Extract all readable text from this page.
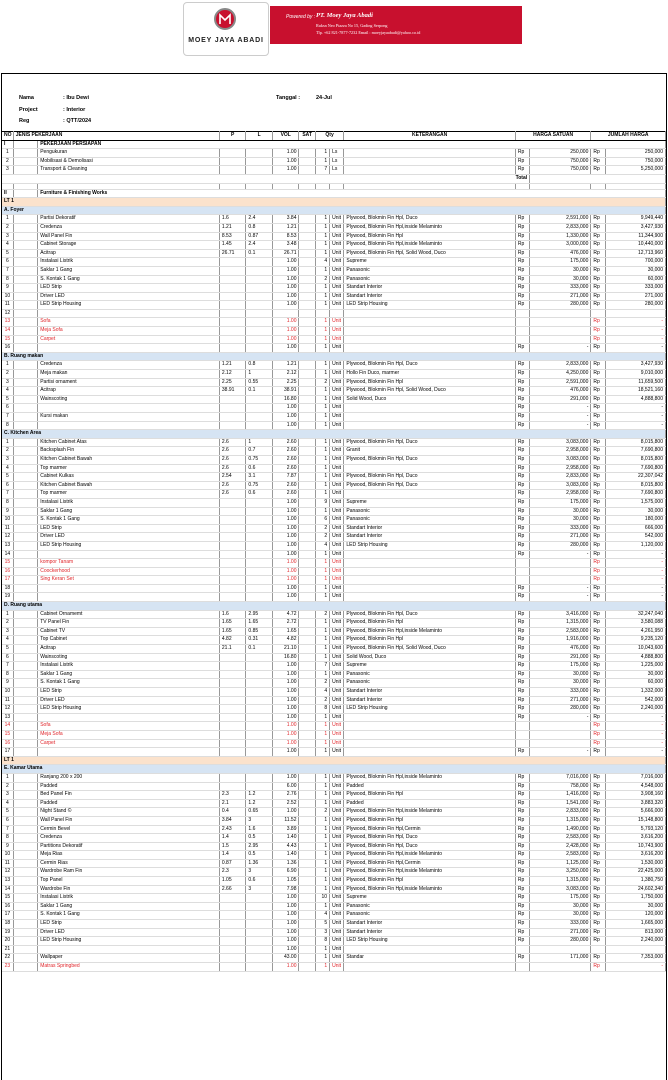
MOEY JAYA ABADI
Powered by : PT. Moey Jaya Abadi
Ruksn Neo Piazza No 15, Gading Serpong
Tlp. +62 821-7877-7232 Email : moeyjayaabadi@yahoo.co.id
Nama	: Ibu Dewi
Project	: Interior
Reg	: QTT/2024
Tanggal :	24-Jul
NO	JENIS PEKERJAAN		P	L	VOL	SAT	Qty		KETERANGAN	HARGA SATUAN		JUMLAH HARGA	
I		PEKERJAAN PERSIAPAN											
1		Pengukuran			1.00		1	Ls		Rp	250,000	Rp	250,000
2		Mobilisasi & Demolisasi			1.00		1	Ls		Rp	750,000	Rp	750,000
3		Transport & Cleaning			1.00		7	Ls		Rp	750,000	Rp	5,250,000
Total													

II		Furniture & Finishing Works											
LT 1													
A. Foyer													
1		Partisi Dekoratif	1.6	2.4	3.84		1	Unit	Plywood, Blokmin Fin Hpl, Duco	Rp	2,591,000	Rp	9,949,440
2		Credenza	1.21	0.8	1.21		1	Unit	Plywood, Blokmin Fin Hpl,inside Melaminto	Rp	2,833,000	Rp	3,427,930
3		Wall Panel Fin	8.53	0.87	8.53		1	Unit	Plywood, Blokmin Fin Hpl	Rp	1,330,000	Rp	11,344,900
4		Cabinet Storage	1.45	2.4	3.48		1	Unit	Plywood, Blokmin Fin Hpl,inside Melaminto	Rp	3,000,000	Rp	10,440,000
5		Acitrap	26.71	0.1	26.71		1	Unit	Plywood, Blokmin Fin Hpl, Solid Wood, Duco	Rp	476,000	Rp	12,713,960
6		Instalasi Listrik			1.00		4	Unit	Supreme	Rp	175,000	Rp	700,000
7		Saklar 1 Gang			1.00		1	Unit	Panasonic	Rp	30,000	Rp	30,000
8		S. Kontak 1 Gang			1.00		2	Unit	Panasonic	Rp	30,000	Rp	60,000
9		LED Strip			1.00		1	Unit	Standart Interior	Rp	333,000	Rp	333,000
10		Driver LED			1.00		1	Unit	Standart Interior	Rp	271,000	Rp	271,000
11		LED Strip Housing			1.00		1	Unit	LED Strip Housing	Rp	280,000	Rp	280,000
12													
13		Sofa			1.00		1	Unit				Rp	-
14		Meja Sofa			1.00		1	Unit				Rp	-
15		Carpet			1.00		1	Unit				Rp	-
16					1.00		1	Unit		Rp	-	Rp	-
B. Ruang makan													
1		Credenza	1.21	0.8	1.21		1	Unit	Plywood, Blokmin Fin Hpl, Duco	Rp	2,833,000	Rp	3,427,930
2		Meja makan	2.12	1	2.12		1	Unit	Hollo Fin Duco, marmer	Rp	4,250,000	Rp	9,010,000
3		Partisi ornament	2.25	0.55	2.25		2	Unit	Plywood, Blokmin Fin Hpl	Rp	2,591,000	Rp	11,659,500
4		Acitrap	38.91	0.1	38.91		1	Unit	Plywood, Blokmin Fin Hpl, Solid Wood, Duco	Rp	476,000	Rp	18,521,160
5		Wainscoting			16.80		1	Unit	Solid Wood, Duco	Rp	291,000	Rp	4,888,800
6					1.00		1	Unit		Rp	-	Rp	-
7		Kursi makan			1.00		1	Unit		Rp	-	Rp	-
8					1.00		1	Unit		Rp	-	Rp	-
C. Kitchen Area													
1		Kitchen Cabinet Atas	2.6	1	2.60		1	Unit	Plywood, Blokmin Fin Hpl, Duco	Rp	3,083,000	Rp	8,015,800
2		Backsplash Fin	2.6	0.7	2.60		1	Unit	Granit	Rp	2,958,000	Rp	7,690,800
3		Kitchen Cabinet Bawah	2.6	0.75	2.60		1	Unit	Plywood, Blokmin Fin Hpl, Duco	Rp	3,083,000	Rp	8,015,800
4		Top marmer	2.6	0.6	2.60		1	Unit		Rp	2,958,000	Rp	7,690,800
5		Cabinet Kulkas	2.54	3.1	7.87		1	Unit	Plywood, Blokmin Fin Hpl, Duco	Rp	2,833,000	Rp	22,307,042
6		Kitchen Cabinet Bawah	2.6	0.75	2.60		1	Unit	Plywood, Blokmin Fin Hpl, Duco	Rp	3,083,000	Rp	8,015,800
7		Top marmer	2.6	0.6	2.60		1	Unit		Rp	2,958,000	Rp	7,690,800
8		Instalasi Listrik			1.00		9	Unit	Supreme	Rp	175,000	Rp	1,575,000
9		Saklar 1 Gang			1.00		1	Unit	Panasonic	Rp	30,000	Rp	30,000
10		S. Kontak 1 Gang			1.00		6	Unit	Panasonic	Rp	30,000	Rp	180,000
11		LED Strip			1.00		2	Unit	Standart Interior	Rp	333,000	Rp	666,000
12		Driver LED			1.00		2	Unit	Standart Interior	Rp	271,000	Rp	542,000
13		LED Strip Housing			1.00		4	Unit	LED Strip Housing	Rp	280,000	Rp	1,120,000
14					1.00		1	Unit		Rp	-	Rp	-
15		kompor Tanam			1.00		1	Unit				Rp	-
16		Coockerhood			1.00		1	Unit				Rp	-
17		Sing Keran Set			1.00		1	Unit				Rp	-
18					1.00		1	Unit		Rp	-	Rp	-
19					1.00		1	Unit		Rp	-	Rp	-
D. Ruang utama													
1		Cabinet Ornamemt	1.6	2.95	4.72		2	Unit	Plywood, Blokmin Fin Hpl, Duco	Rp	3,416,000	Rp	32,247,040
2		TV Panel Fin	1.65	1.65	2.72		1	Unit	Plywood, Blokmin Fin Hpl	Rp	1,315,000	Rp	3,580,088
3		Cabinet TV	1.65	0.85	1.65		1	Unit	Plywood, Blokmin Fin Hpl,inside Melaminto	Rp	2,583,000	Rp	4,261,950
4		Top Cabinet	4.82	0.31	4.82		1	Unit	Plywood, Blokmin Fin Hpl	Rp	1,916,000	Rp	9,235,120
5		Acitrap	21.1	0.1	21.10		1	Unit	Plywood, Blokmin Fin Hpl, Solid Wood, Duco	Rp	476,000	Rp	10,043,600
6		Wainscoting			16.80		1	Unit	Solid Wood, Duco	Rp	291,000	Rp	4,888,800
7		Instalasi Listrik			1.00		7	Unit	Supreme	Rp	175,000	Rp	1,225,000
8		Saklar 1 Gang			1.00		1	Unit	Panasonic	Rp	30,000	Rp	30,000
9		S. Kontak 1 Gang			1.00		2	Unit	Panasonic	Rp	30,000	Rp	60,000
10		LED Strip			1.00		4	Unit	Standart Interior	Rp	333,000	Rp	1,332,000
11		Driver LED			1.00		2	Unit	Standart Interior	Rp	271,000	Rp	542,000
12		LED Strip Housing			1.00		8	Unit	LED Strip Housing	Rp	280,000	Rp	2,240,000
13					1.00		1	Unit		Rp	-	Rp	-
14		Sofa			1.00		1	Unit				Rp	-
15		Meja Sofa			1.00		1	Unit				Rp	-
16		Carpet			1.00		1	Unit				Rp	-
17					1.00		1	Unit		Rp	-	Rp	-
LT 1													
E. Kamar Utama													
1		Ranjang 200 x 200			1.00		1	Unit	Plywood, Blokmin Fin Hpl,inside Melaminto	Rp	7,016,000	Rp	7,016,000
2		Padded			6.00		1	Unit	Padded	Rp	758,000	Rp	4,548,000
3		Bed Panel Fin	2.3	1.2	2.76		1	Unit	Plywood, Blokmin Fin Hpl	Rp	1,416,000	Rp	3,908,160
4		Padded	2.1	1.2	2.52		1	Unit	Padded	Rp	1,541,000	Rp	3,883,320
5		Night Stand ©	0.4	0.65	1.00		2	Unit	Plywood, Blokmin Fin Hpl,inside Melaminto	Rp	2,833,000	Rp	5,666,000
6		Wall Panel Fin	3.84	3	11.52		1	Unit	Plywood, Blokmin Fin Hpl	Rp	1,315,000	Rp	15,148,800
7		Cermin Bevel	2.43	1.6	3.89		1	Unit	Plywood, Blokmin Fin Hpl,Cermin	Rp	1,490,000	Rp	5,793,120
8		Credenza	1.4	0.5	1.40		1	Unit	Plywood, Blokmin Fin Hpl, Duco	Rp	2,583,000	Rp	3,616,200
9		Partitions Dekoratif	1.5	2.95	4.43		1	Unit	Plywood, Blokmin Fin Hpl, Duco	Rp	2,428,000	Rp	10,743,900
10		Meja Rias	1.4	0.5	1.40		1	Unit	Plywood, Blokmin Fin Hpl,inside Melaminto	Rp	2,583,000	Rp	3,616,200
11		Cermin Rias	0.87	1.36	1.36		1	Unit	Plywood, Blokmin Fin Hpl,Cermin	Rp	1,125,000	Rp	1,530,000
12		Wardrobe Ram Fin	2.3	3	6.90		1	Unit	Plywood, Blokmin Fin Hpl,inside Melaminto	Rp	3,250,000	Rp	22,425,000
13		Top Panel	1.05	0.6	1.05		1	Unit	Plywood, Blokmin Fin Hpl	Rp	1,315,000	Rp	1,380,750
14		Wardrobe Fin	2.66	3	7.98		1	Unit	Plywood, Blokmin Fin Hpl,inside Melaminto	Rp	3,083,000	Rp	24,602,340
15		Instalasi Listrik			1.00		10	Unit	Supreme	Rp	175,000	Rp	1,750,000
16		Saklar 1 Gang			1.00		1	Unit	Panasonic	Rp	30,000	Rp	30,000
17		S. Kontak 1 Gang			1.00		4	Unit	Panasonic	Rp	30,000	Rp	120,000
18		LED Strip			1.00		5	Unit	Standart Interior	Rp	333,000	Rp	1,665,000
19		Driver LED			1.00		3	Unit	Standart Interior	Rp	271,000	Rp	813,000
20		LED Strip Housing			1.00		8	Unit	LED Strip Housing	Rp	280,000	Rp	2,240,000
21					1.00		1	Unit					
22		Wallpaper			43.00		1	Unit	Standar	Rp	171,000	Rp	7,353,000
23		Matras Springbed			1.00		1	Unit				Rp	-
